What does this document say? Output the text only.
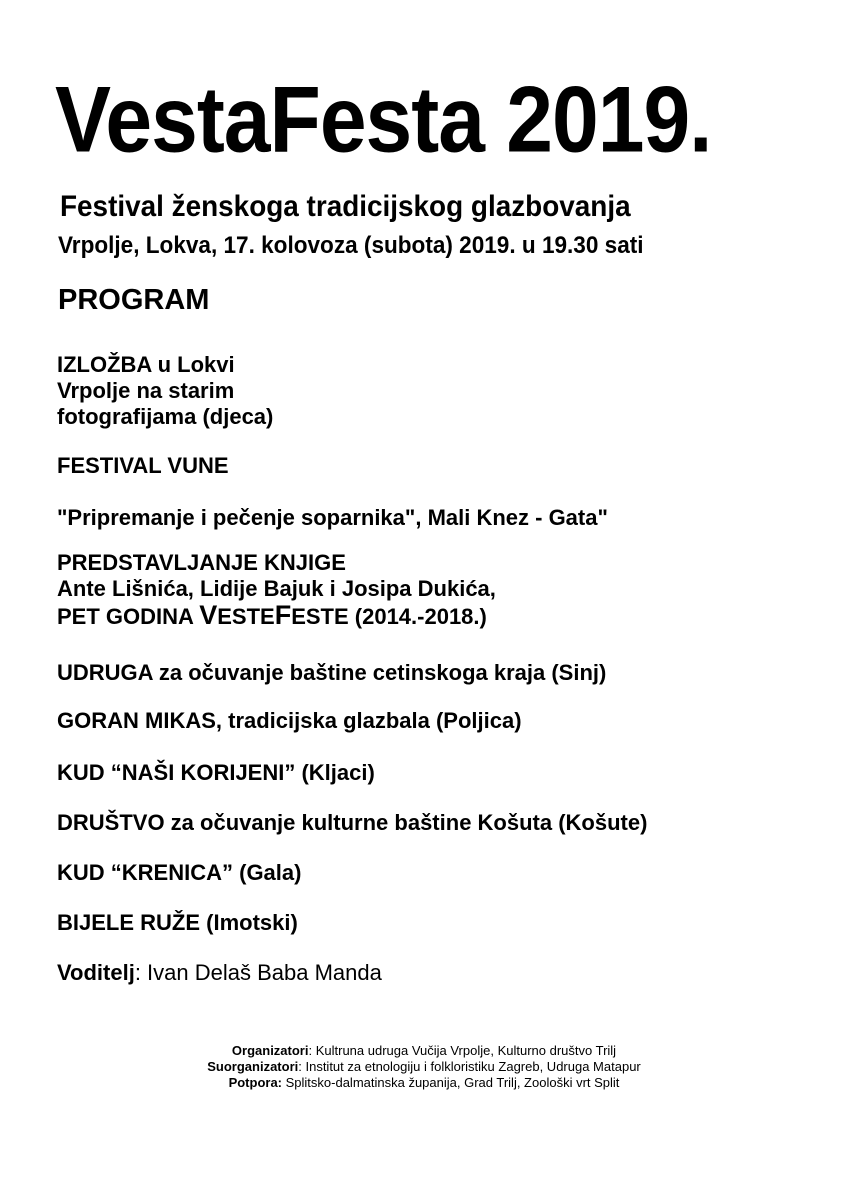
VestaFesta 2019.

Festival ženskoga tradicijskog glazbovanja

Vrpolje, Lokva, 17. kolovoza (subota) 2019. u 19.30 sati

PROGRAM

IZLOŽBA u Lokvi
Vrpolje na starim
fotografijama (djeca)
FESTIVAL VUNE
"Pripremanje i pečenje soparnika", Mali Knez - Gata"
PREDSTAVLJANJE KNJIGE
Ante Lišnića, Lidije Bajuk i Josipa Dukića,
PET GODINA VESTEFESTE (2014.-2018.)
UDRUGA za očuvanje baštine cetinskoga kraja (Sinj)
GORAN MIKAS, tradicijska glazbala (Poljica)
KUD “NAŠI KORIJENI” (Kljaci)
DRUŠTVO za očuvanje kulturne baštine Košuta (Košute)
KUD “KRENICA” (Gala)
BIJELE RUŽE (Imotski)
Voditelj: Ivan Delaš Baba Manda
Organizatori: Kultruna udruga Vučija Vrpolje, Kulturno društvo Trilj
Suorganizatori: Institut za etnologiju i folkloristiku Zagreb, Udruga Matapur
Potpora: Splitsko-dalmatinska županija, Grad Trilj, Zoološki vrt Split
